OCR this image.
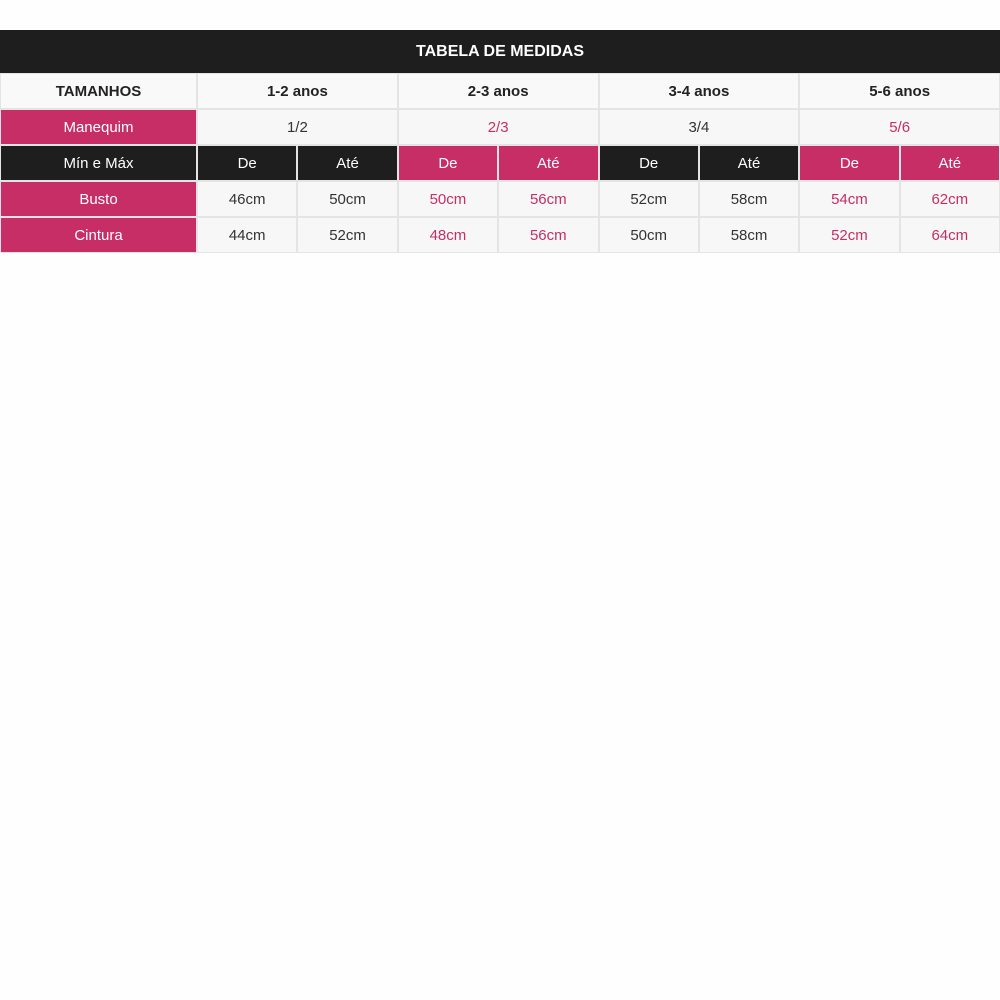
TABELA DE MEDIDAS								
TAMANHOS	1-2 anos		2-3 anos		3-4 anos		5-6 anos	
Manequim	1/2		2/3		3/4		5/6	
Mín e Máx	De	Até	De	Até	De	Até	De	Até
Busto	46cm	50cm	50cm	56cm	52cm	58cm	54cm	62cm
Cintura	44cm	52cm	48cm	56cm	50cm	58cm	52cm	64cm
